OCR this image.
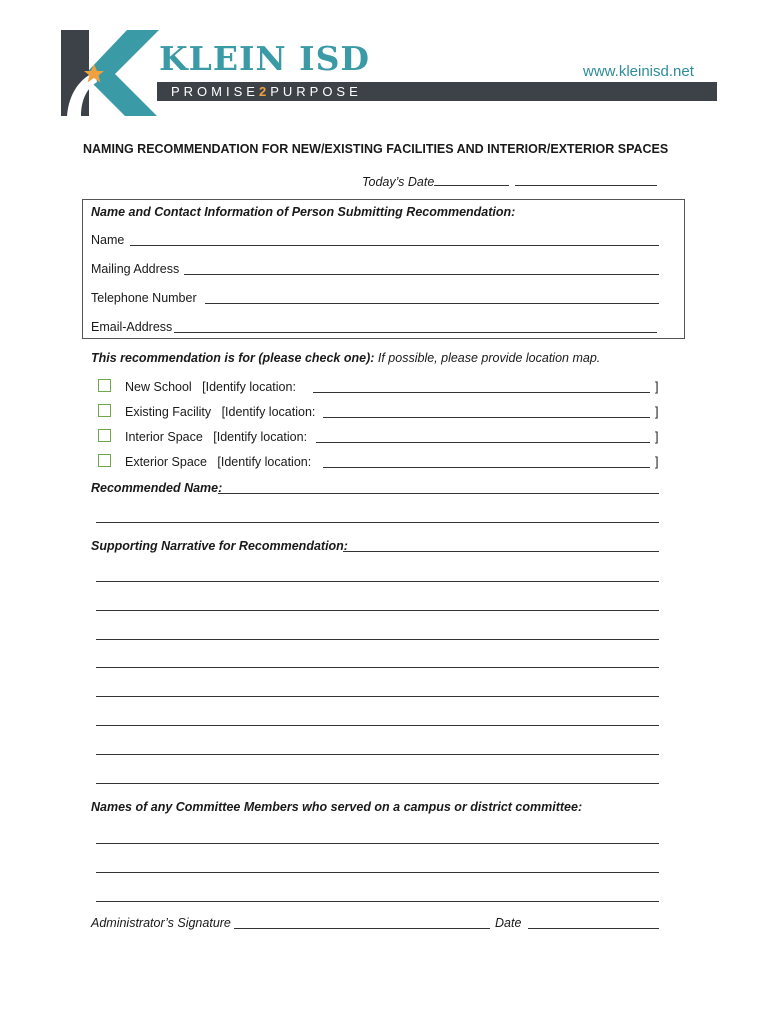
KLEIN ISD	www.kleinisd.net
PROMISE2PURPOSE
NAMING RECOMMENDATION FOR NEW/EXISTING FACILITIES AND INTERIOR/EXTERIOR SPACES
Today’s Date
Name and Contact Information of Person Submitting Recommendation:
Name
Mailing Address
Telephone Number
Email-Address
This recommendation is for (please check one): If possible, please provide location map.
New School [Identify location:	]
Existing Facility [Identify location:	]
Interior Space [Identify location:	]
Exterior Space [Identify location:	]
Recommended Name:
Supporting Narrative for Recommendation:
Names of any Committee Members who served on a campus or district committee:
Administrator’s Signature	Date
